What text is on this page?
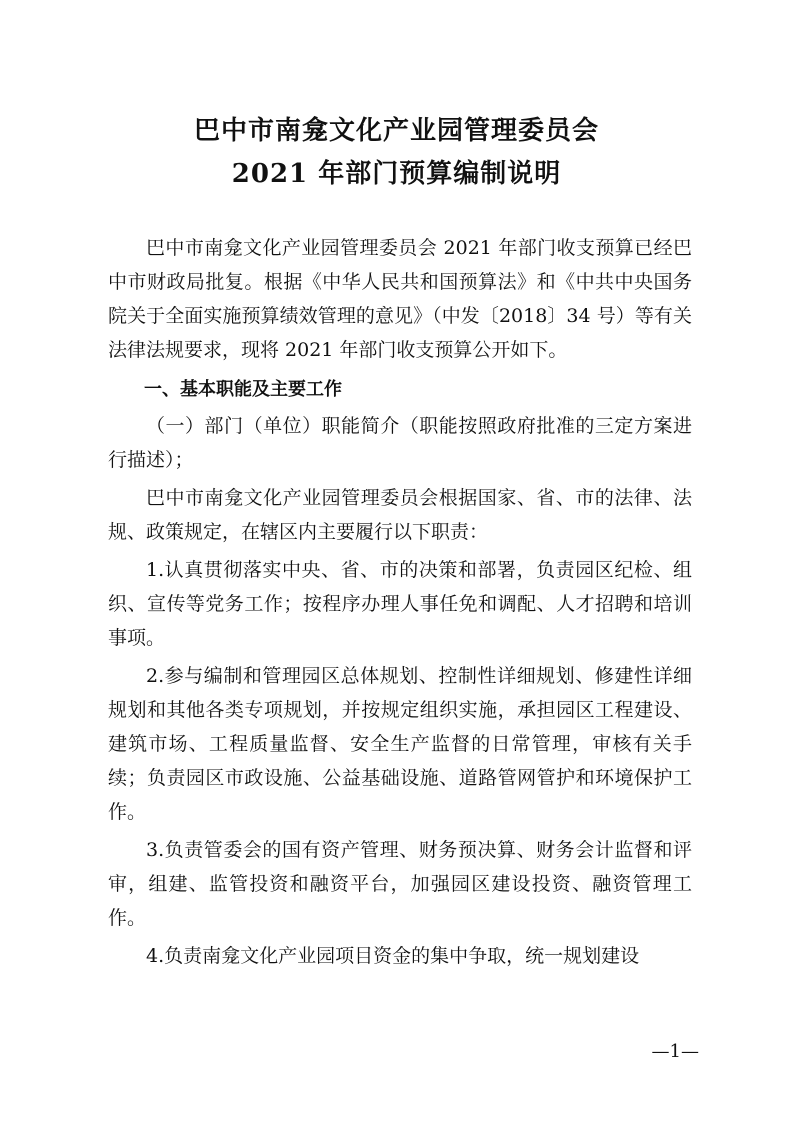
巴中市南龛文化产业园管理委员会
2021 年部门预算编制说明

巴中市南龛文化产业园管理委员会 2021 年部门收支预算已经巴中市财政局批复。根据《中华人民共和国预算法》和《中共中央国务院关于全面实施预算绩效管理的意见》（中发〔2018〕34 号）等有关法律法规要求，现将 2021 年部门收支预算公开如下。

一、基本职能及主要工作

（一）部门（单位）职能简介（职能按照政府批准的三定方案进行描述）；

巴中市南龛文化产业园管理委员会根据国家、省、市的法律、法规、政策规定，在辖区内主要履行以下职责：

1.认真贯彻落实中央、省、市的决策和部署，负责园区纪检、组织、宣传等党务工作；按程序办理人事任免和调配、人才招聘和培训事项。

2.参与编制和管理园区总体规划、控制性详细规划、修建性详细规划和其他各类专项规划，并按规定组织实施，承担园区工程建设、建筑市场、工程质量监督、安全生产监督的日常管理，审核有关手续；负责园区市政设施、公益基础设施、道路管网管护和环境保护工作。

3.负责管委会的国有资产管理、财务预决算、财务会计监督和评审，组建、监管投资和融资平台，加强园区建设投资、融资管理工作。

4.负责南龛文化产业园项目资金的集中争取，统一规划建设

—1—
